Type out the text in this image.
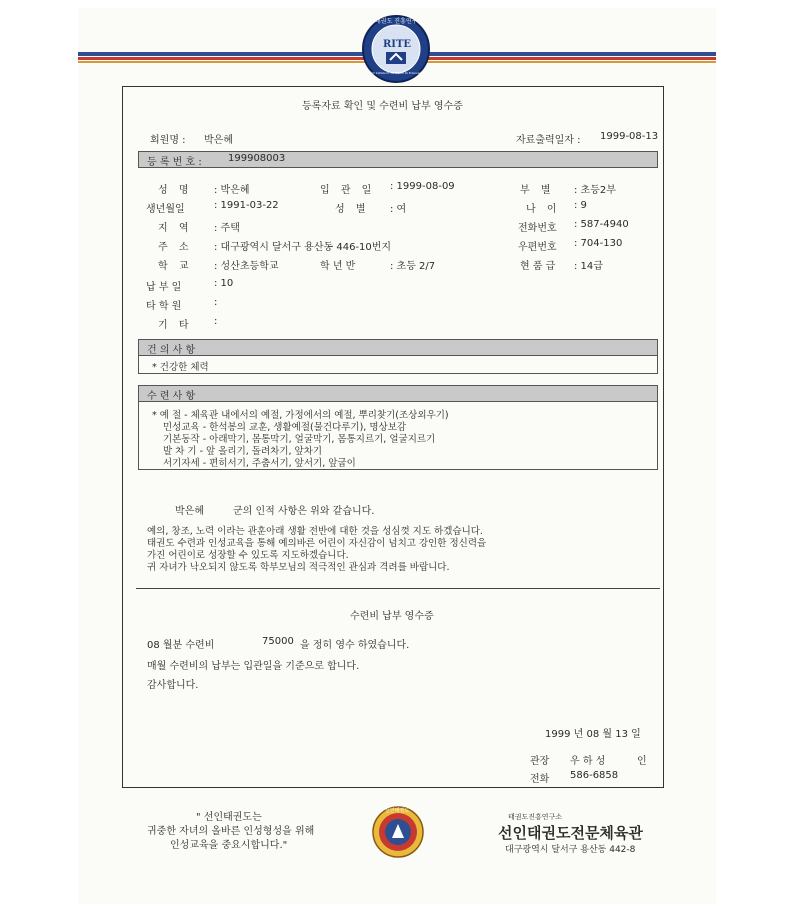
태권도 진흥연구소
RITE
Research Institute Of The Taewon Do Enhancement
등록자료 확인 및 수련비 납부 영수증
회원명 : 박은혜	자료출력일자 : 1999-08-13
등 록 번 호 :	199908003
성 명 : 박은혜	입 관 일 : 1999-08-09	부 별 : 초등2부
생년월일	: 1991-03-22	성 별 : 여	나 이 : 9
지 역 : 주택	전화번호 : 587-4940
주 소 : 대구광역시 달서구 용산동 446-10번지	우편번호 : 704-130
학 교 : 성산초등학교	학 년 반	: 초등 2/7	현 품 급 : 14급
납 부 일	: 10
타 학 원	:
기 타 :
건 의 사 항
* 건강한 체력
수 련 사 항
* 예 절 - 체육관 내에서의 예절, 가정에서의 예절, 뿌리찾기(조상외우기)
민성교육 - 한석봉의 교훈, 생활예절(물건다루기), 명상보감
기본동작 - 아래막기, 몸통막기, 얼굴막기, 몸통지르기, 얼굴지르기
발 차 기 - 앞 올리기, 돌려차기, 앞차기
서기자세 - 편히서기, 주춤서기, 앞서기, 앞굽이
박은혜	군의 인적 사항은 위와 같습니다.
예의, 창조, 노력 이라는 관훈아래 생활 전반에 대한 것을 성심껏 지도 하겠습니다.
태권도 수련과 인성교육을 통해 예의바른 어린이 자신감이 넘치고 강인한 정신력을
가진 어린이로 성장할 수 있도록 지도하겠습니다.
귀 자녀가 낙오되지 않도록 학부모님의 적극적인 관심과 격려를 바랍니다.
수련비 납부 영수증
08 월분 수련비	75000 을 정히 영수 하였습니다.
매월 수련비의 납부는 입관일을 기준으로 합니다.
감사합니다.
1999 년 08 월 13 일
관장 우 하 성	인
전화 586-6858
" 선인태권도는
귀중한 자녀의 올바른 인성형성을 위해
인성교육을 중요시합니다."
선인태권도
태권도진흥연구소
선인태권도전문체육관
대구광역시 달서구 용산동 442-8
